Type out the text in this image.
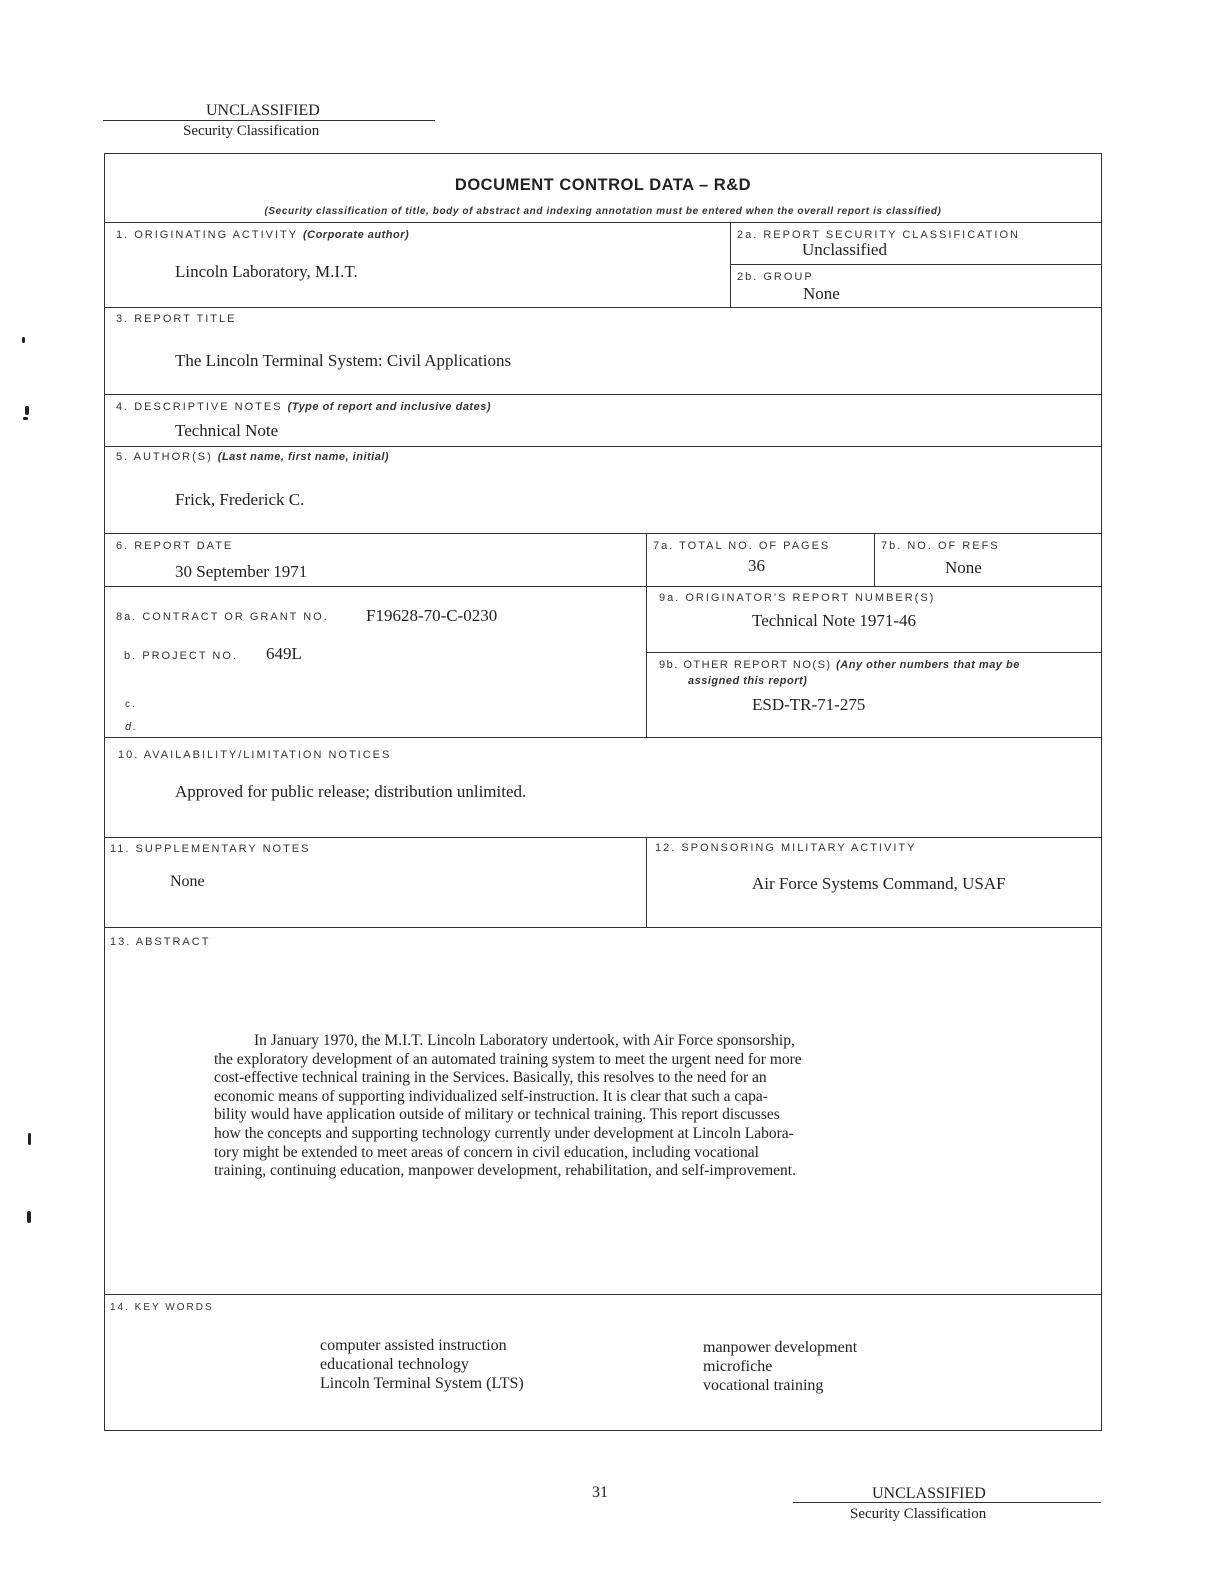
UNCLASSIFIED
Security Classification
DOCUMENT CONTROL DATA – R&D
(Security classification of title, body of abstract and indexing annotation must be entered when the overall report is classified)
1. ORIGINATING ACTIVITY (Corporate author)
Lincoln Laboratory, M.I.T.
2a. REPORT SECURITY CLASSIFICATION
Unclassified
2b. GROUP
None
3. REPORT TITLE
The Lincoln Terminal System: Civil Applications
4. DESCRIPTIVE NOTES (Type of report and inclusive dates)
Technical Note
5. AUTHOR(S) (Last name, first name, initial)
Frick, Frederick C.
6. REPORT DATE
30 September 1971
7a. TOTAL NO. OF PAGES
36
7b. NO. OF REFS
None
8a. CONTRACT OR GRANT NO. F19628-70-C-0230
b. PROJECT NO. 649L
c.
d.
9a. ORIGINATOR'S REPORT NUMBER(S)
Technical Note 1971-46
9b. OTHER REPORT NO(S) (Any other numbers that may be
assigned this report)
ESD-TR-71-275
10. AVAILABILITY/LIMITATION NOTICES
Approved for public release; distribution unlimited.
11. SUPPLEMENTARY NOTES
None
12. SPONSORING MILITARY ACTIVITY
Air Force Systems Command, USAF
13. ABSTRACT
In January 1970, the M.I.T. Lincoln Laboratory undertook, with Air Force sponsorship,
the exploratory development of an automated training system to meet the urgent need for more
cost-effective technical training in the Services. Basically, this resolves to the need for an
economic means of supporting individualized self-instruction. It is clear that such a capa-
bility would have application outside of military or technical training. This report discusses
how the concepts and supporting technology currently under development at Lincoln Labora-
tory might be extended to meet areas of concern in civil education, including vocational
training, continuing education, manpower development, rehabilitation, and self-improvement.
14. KEY WORDS
computer assisted instruction
educational technology
Lincoln Terminal System (LTS)
manpower development
microfiche
vocational training
31	UNCLASSIFIED
Security Classification
